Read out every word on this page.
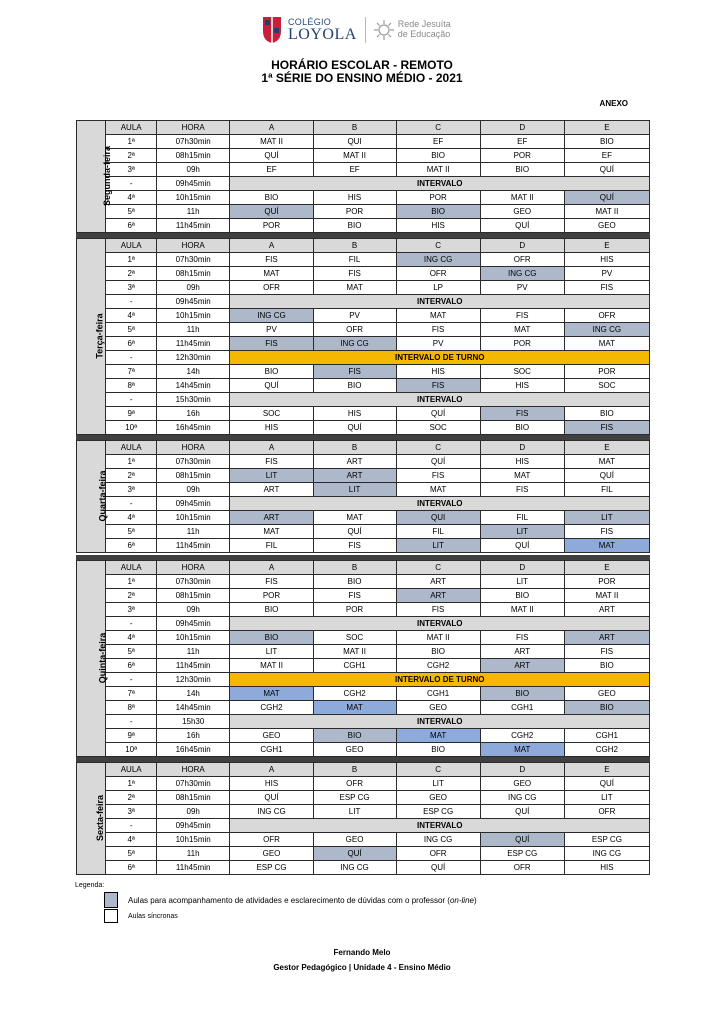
COLÉGIO
LOYOLA
Rede Jesuíta
de Educação
HORÁRIO ESCOLAR - REMOTO
1ª SÉRIE DO ENSINO MÉDIO - 2021
ANEXO
Segunda-feira	AULA	HORA	A	B	C	D	E
	1ª	07h30min	MAT II	QUI	EF	EF	BIO
	2ª	08h15min	QUÍ	MAT II	BIO	POR	EF
	3ª	09h	EF	EF	MAT II	BIO	QUÍ
	-	09h45min	INTERVALO				
	4ª	10h15min	BIO	HIS	POR	MAT II	QUÍ
	5ª	11h	QUÍ	POR	BIO	GEO	MAT II
	6ª	11h45min	POR	BIO	HIS	QUÍ	GEO
Terça-feira	AULA	HORA	A	B	C	D	E
	1ª	07h30min	FIS	FIL	ING CG	OFR	HIS
	2ª	08h15min	MAT	FIS	OFR	ING CG	PV
	3ª	09h	OFR	MAT	LP	PV	FIS
	-	09h45min	INTERVALO				
	4ª	10h15min	ING CG	PV	MAT	FIS	OFR
	5ª	11h	PV	OFR	FIS	MAT	ING CG
	6ª	11h45min	FIS	ING CG	PV	POR	MAT
	-	12h30min	INTERVALO DE TURNO				
	7ª	14h	BIO	FIS	HIS	SOC	POR
	8ª	14h45min	QUÍ	BIO	FIS	HIS	SOC
	-	15h30min	INTERVALO				
	9ª	16h	SOC	HIS	QUÍ	FIS	BIO
	10ª	16h45min	HIS	QUÍ	SOC	BIO	FIS
Quarta-feira	AULA	HORA	A	B	C	D	E
	1ª	07h30min	FIS	ART	QUÍ	HIS	MAT
	2ª	08h15min	LIT	ART	FIS	MAT	QUÍ
	3ª	09h	ART	LIT	MAT	FIS	FIL
	-	09h45min	INTERVALO				
	4ª	10h15min	ART	MAT	QUI	FIL	LIT
	5ª	11h	MAT	QUÍ	FIL	LIT	FIS
	6ª	11h45min	FIL	FIS	LIT	QUÍ	MAT
Quinta-feira	AULA	HORA	A	B	C	D	E
	1ª	07h30min	FIS	BIO	ART	LIT	POR
	2ª	08h15min	POR	FIS	ART	BIO	MAT II
	3ª	09h	BIO	POR	FIS	MAT II	ART
	-	09h45min	INTERVALO				
	4ª	10h15min	BIO	SOC	MAT II	FIS	ART
	5ª	11h	LIT	MAT II	BIO	ART	FIS
	6ª	11h45min	MAT II	CGH1	CGH2	ART	BIO
	-	12h30min	INTERVALO DE TURNO				
	7ª	14h	MAT	CGH2	CGH1	BIO	GEO
	8ª	14h45min	CGH2	MAT	GEO	CGH1	BIO
	-	15h30	INTERVALO				
	9ª	16h	GEO	BIO	MAT	CGH2	CGH1
	10ª	16h45min	CGH1	GEO	BIO	MAT	CGH2
Sexta-feira	AULA	HORA	A	B	C	D	E
	1ª	07h30min	HIS	OFR	LIT	GEO	QUÍ
	2ª	08h15min	QUÍ	ESP CG	GEO	ING CG	LIT
	3ª	09h	ING CG	LIT	ESP CG	QUÍ	OFR
	-	09h45min	INTERVALO				
	4ª	10h15min	OFR	GEO	ING CG	QUÍ	ESP CG
	5ª	11h	GEO	QUÍ	OFR	ESP CG	ING CG
	6ª	11h45min	ESP CG	ING CG	QUÍ	OFR	HIS
Legenda:
Aulas para acompanhamento de atividades e esclarecimento de dúvidas com o professor (on-line)
Aulas síncronas
Fernando Melo
Gestor Pedagógico | Unidade 4 - Ensino Médio
